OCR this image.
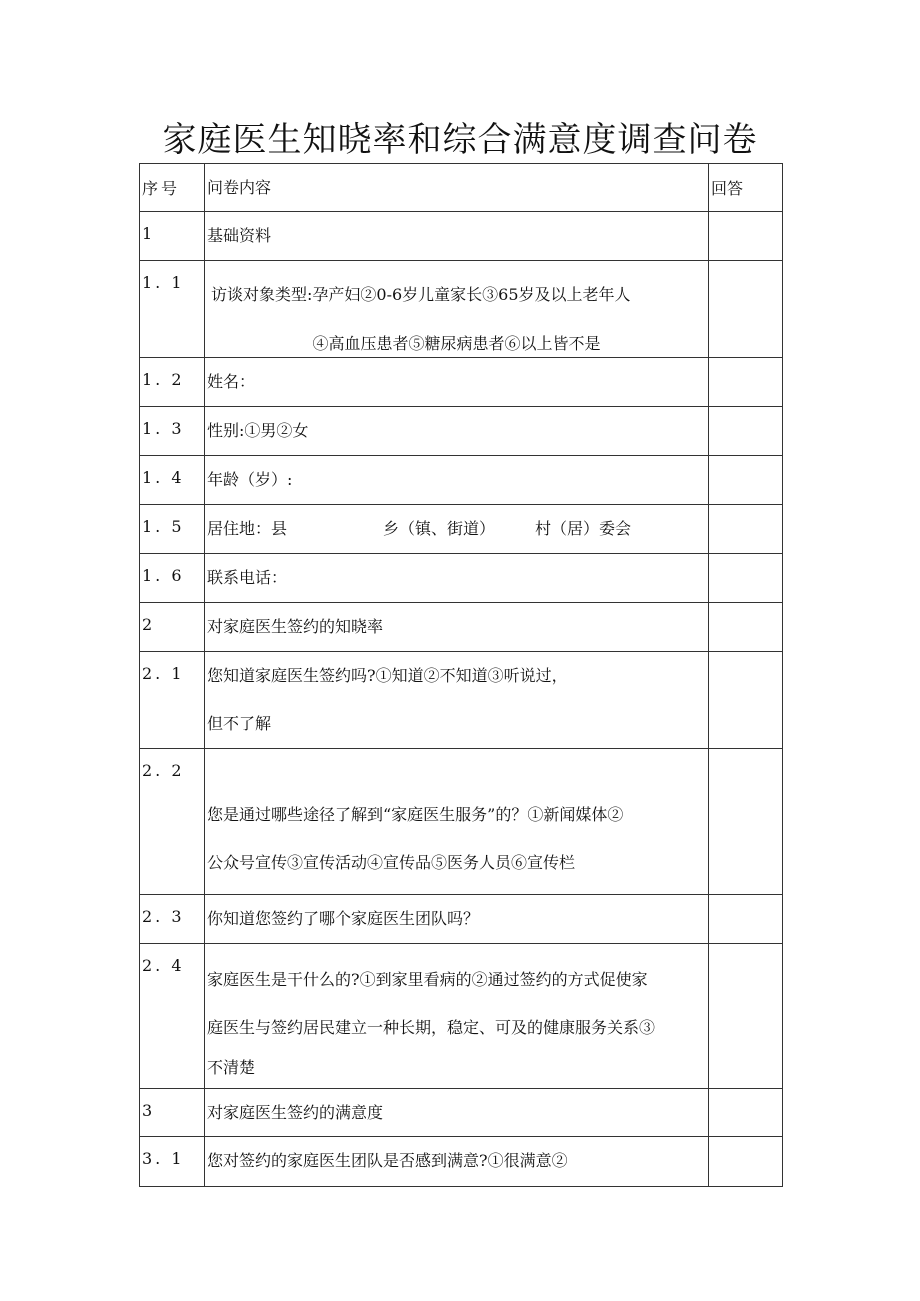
家庭医生知晓率和综合满意度调查问卷
序号	问卷内容	回答

1	基础资料	

1. 1	访谈对象类型:孕产妇②0-6岁儿童家长③65岁及以上老年人
④高血压患者⑤糖尿病患者⑥以上皆不是	

1. 2	姓名：	

1. 3	性别:①男②女	

1. 4	年龄（岁）:	

1. 5	居住地：县　　　　　　乡（镇、街道）　　　村（居）委会	

1. 6	联系电话：	

2	对家庭医生签约的知晓率	

2. 1	您知道家庭医生签约吗?①知道②不知道③听说过，
但不了解	

2. 2	您是通过哪些途径了解到“家庭医生服务”的？①新闻媒体②
公众号宣传③宣传活动④宣传品⑤医务人员⑥宣传栏	

2. 3	你知道您签约了哪个家庭医生团队吗？	

2. 4	家庭医生是干什么的?①到家里看病的②通过签约的方式促使家
庭医生与签约居民建立一种长期，稳定、可及的健康服务关系③
不清楚	

3	对家庭医生签约的满意度	

3. 1	您对签约的家庭医生团队是否感到满意?①很满意②	
